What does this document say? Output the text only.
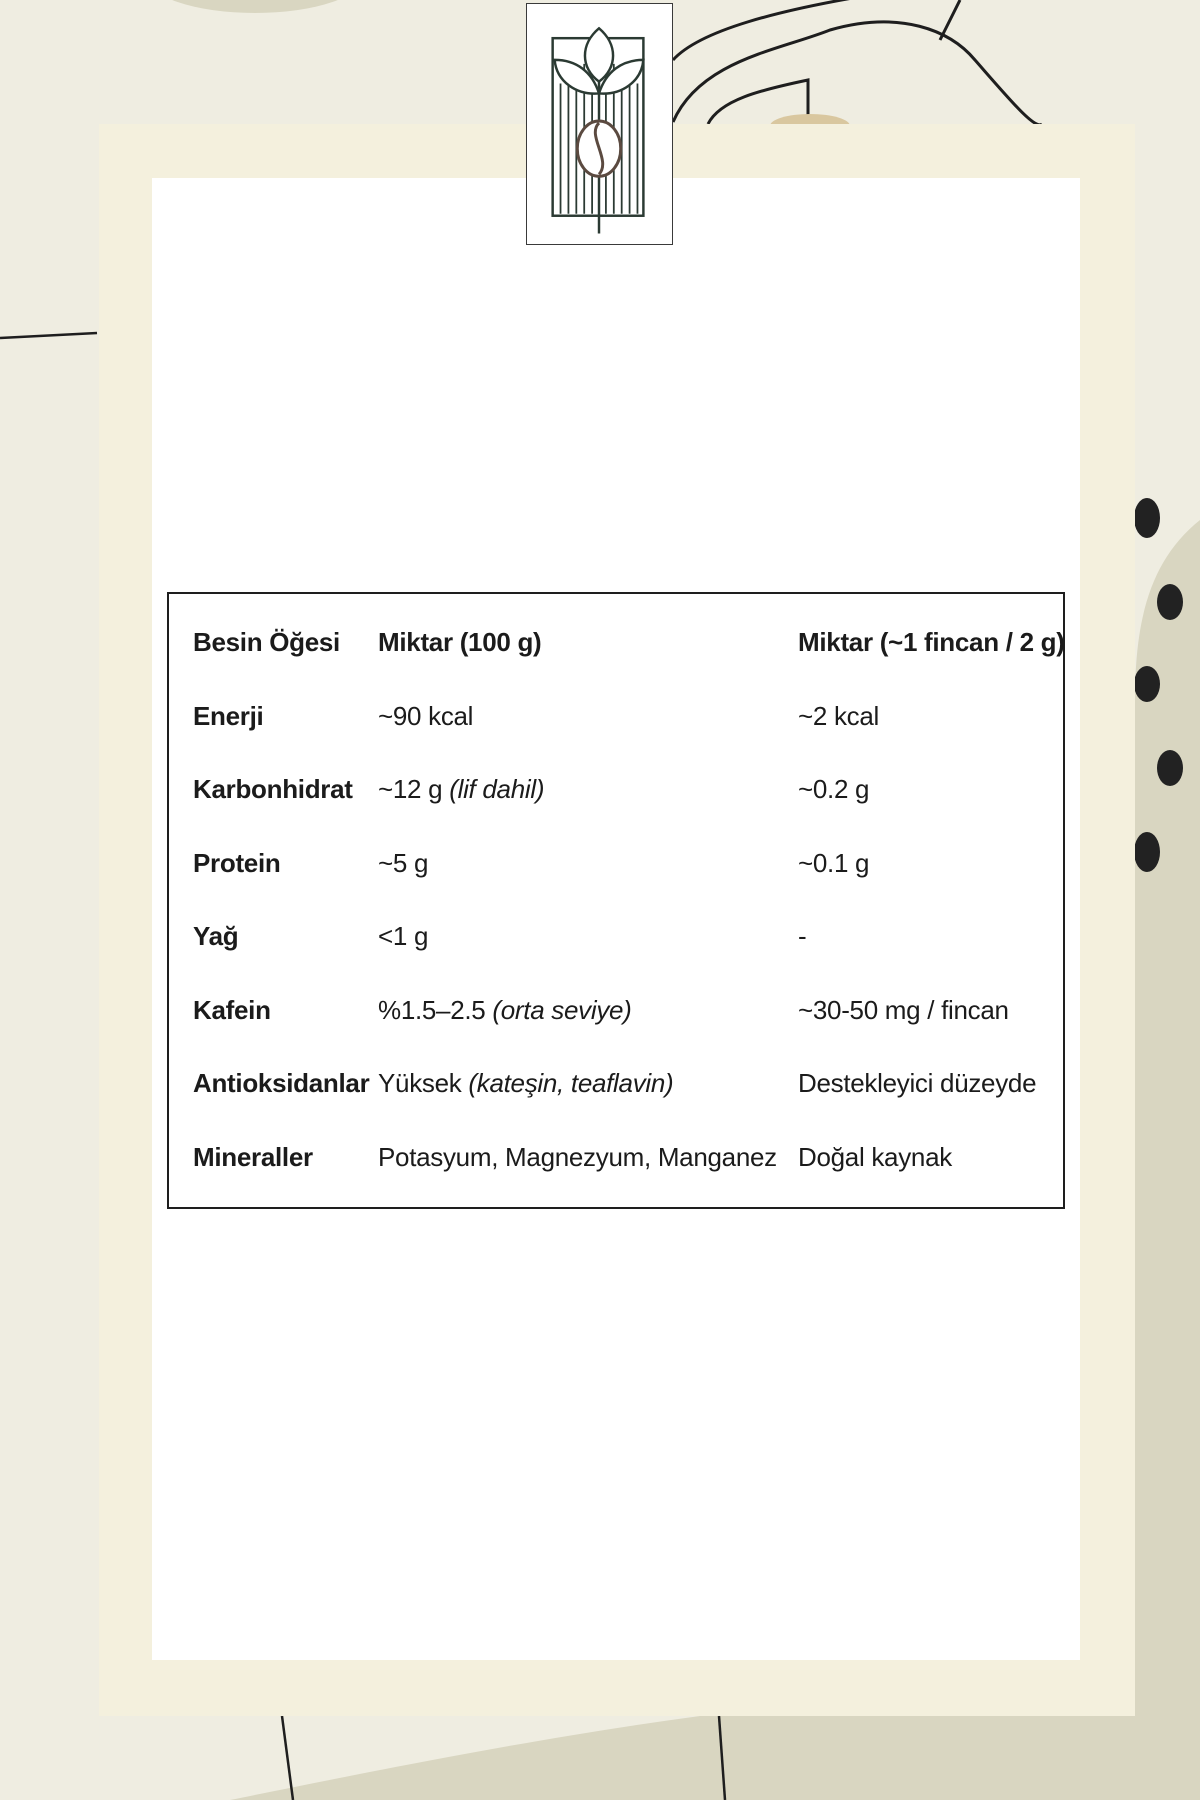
Besin Öğesi	Miktar (100 g)	Miktar (~1 fincan / 2 g)
Enerji	~90 kcal	~2 kcal
Karbonhidrat	~12 g (lif dahil)	~0.2 g
Protein	~5 g	~0.1 g
Yağ	<1 g	-
Kafein	%1.5–2.5 (orta seviye)	~30-50 mg / fincan
Antioksidanlar	Yüksek (kateşin, teaflavin)	Destekleyici düzeyde
Mineraller	Potasyum, Magnezyum, Manganez	Doğal kaynak
